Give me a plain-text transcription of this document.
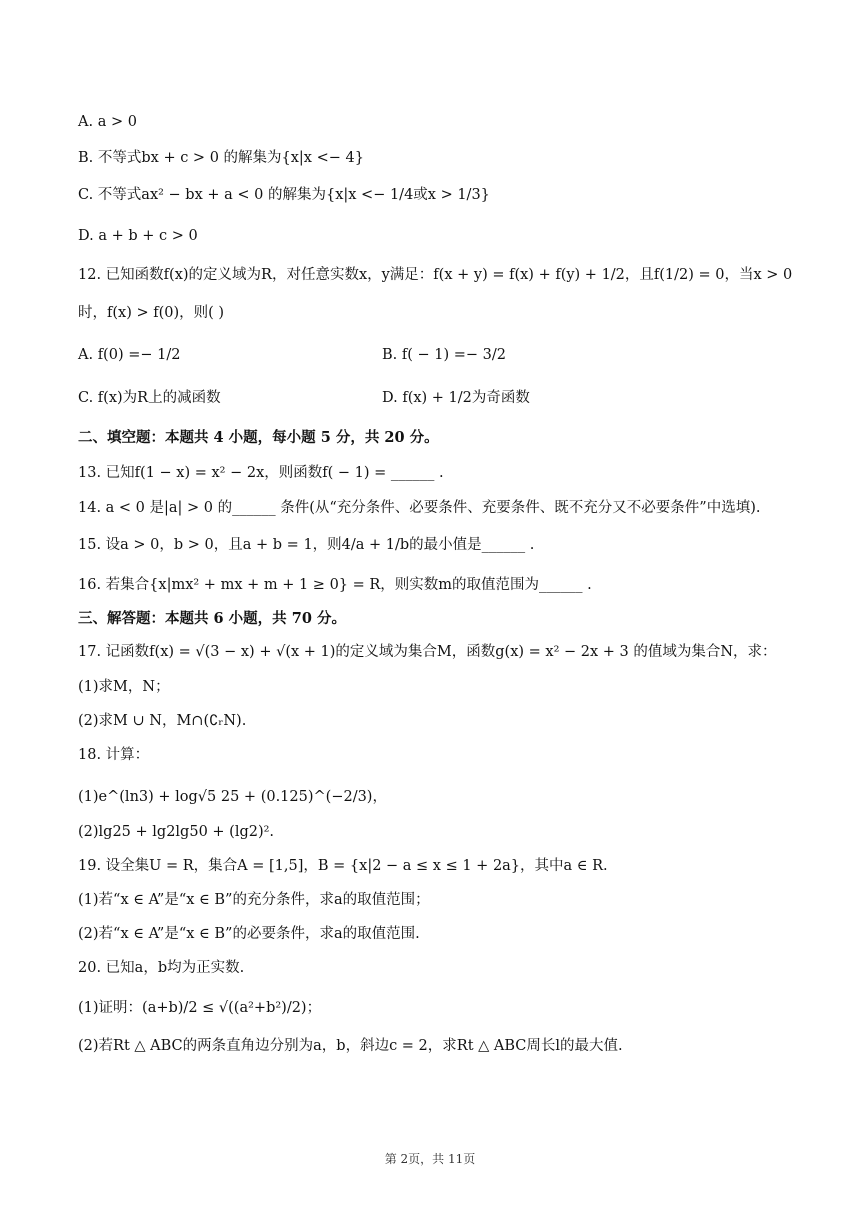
A. a > 0
B. 不等式bx + c > 0 的解集为{x|x <− 4}
C. 不等式ax² − bx + a < 0 的解集为{x|x <− 1/4或x > 1/3}
D. a + b + c > 0
12. 已知函数f(x)的定义域为R，对任意实数x，y满足：f(x + y) = f(x) + f(y) + 1/2，且f(1/2) = 0，当x > 0
时，f(x) > f(0)，则( )
A. f(0) =− 1/2	B. f( − 1) =− 3/2
C. f(x)为R上的减函数	D. f(x) + 1/2为奇函数
二、填空题：本题共 4 小题，每小题 5 分，共 20 分。
13. 已知f(1 − x) = x² − 2x，则函数f( − 1) = ______ .
14. a < 0 是|a| > 0 的______ 条件(从“充分条件、必要条件、充要条件、既不充分又不必要条件”中选填).
15. 设a > 0，b > 0，且a + b = 1，则4/a + 1/b的最小值是______ .
16. 若集合{x|mx² + mx + m + 1 ≥ 0} = R，则实数m的取值范围为______ .
三、解答题：本题共 6 小题，共 70 分。
17. 记函数f(x) = √(3 − x) + √(x + 1)的定义域为集合M，函数g(x) = x² − 2x + 3 的值域为集合N，求：
(1)求M，N；
(2)求M ∪ N，M∩(∁ᵣN).
18. 计算：
(1)e^(ln3) + log√5 25 + (0.125)^(−2/3)，
(2)lg25 + lg2lg50 + (lg2)².
19. 设全集U = R，集合A = [1,5]，B = {x|2 − a ≤ x ≤ 1 + 2a}，其中a ∈ R.
(1)若“x ∈ A”是“x ∈ B”的充分条件，求a的取值范围；
(2)若“x ∈ A”是“x ∈ B”的必要条件，求a的取值范围.
20. 已知a，b均为正实数.
(1)证明：(a+b)/2 ≤ √((a²+b²)/2)；
(2)若Rt △ ABC的两条直角边分别为a，b，斜边c = 2，求Rt △ ABC周长l的最大值.
第 2页，共 11页
